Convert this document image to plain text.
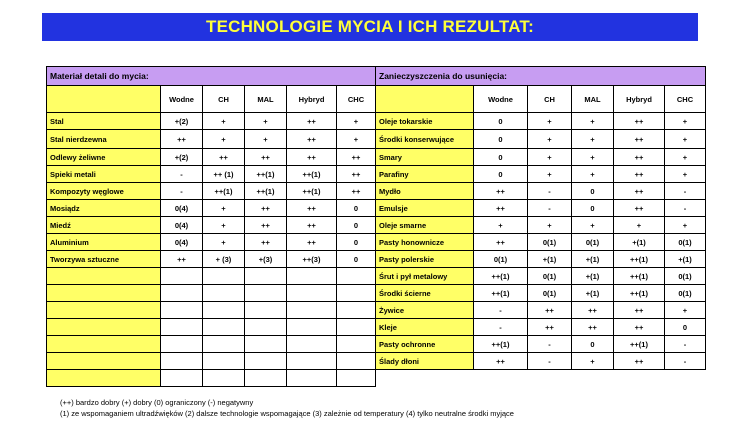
TECHNOLOGIE MYCIA I ICH REZULTAT:
Materiał detali do mycia:					
	Wodne	CH	MAL	Hybryd	CHC
Stal	+(2)	+	+	++	+
Stal nierdzewna	++	+	+	++	+
Odlewy żeliwne	+(2)	++	++	++	++
Spieki metali	-	++ (1)	++(1)	++(1)	++
Kompozyty węglowe	-	++(1)	++(1)	++(1)	++
Mosiądz	0(4)	+	++	++	0
Miedź	0(4)	+	++	++	0
Aluminium	0(4)	+	++	++	0
Tworzywa sztuczne	++	+ (3)	+(3)	++(3)	0

Zanieczyszczenia do usunięcia:					
	Wodne	CH	MAL	Hybryd	CHC
Oleje tokarskie	0	+	+	++	+
Środki konserwujące	0	+	+	++	+
Smary	0	+	+	++	+
Parafiny	0	+	+	++	+
Mydło	++	-	0	++	-
Emulsje	++	-	0	++	-
Oleje smarne	+	+	+	+	+
Pasty honownicze	++	0(1)	0(1)	+(1)	0(1)
Pasty polerskie	0(1)	+(1)	+(1)	++(1)	+(1)
Śrut i pył metalowy	++(1)	0(1)	+(1)	++(1)	0(1)
Środki ścierne	++(1)	0(1)	+(1)	++(1)	0(1)
Żywice	-	++	++	++	+
Kleje	-	++	++	++	0
Pasty ochronne	++(1)	-	0	++(1)	-
Ślady dłoni	++	-	+	++	-
(++) bardzo dobry (+) dobry (0) ograniczony (-) negatywny
(1) ze wspomaganiem ultradźwięków (2) dalsze technologie wspomagające (3) zależnie od temperatury (4) tylko neutralne środki myjące
